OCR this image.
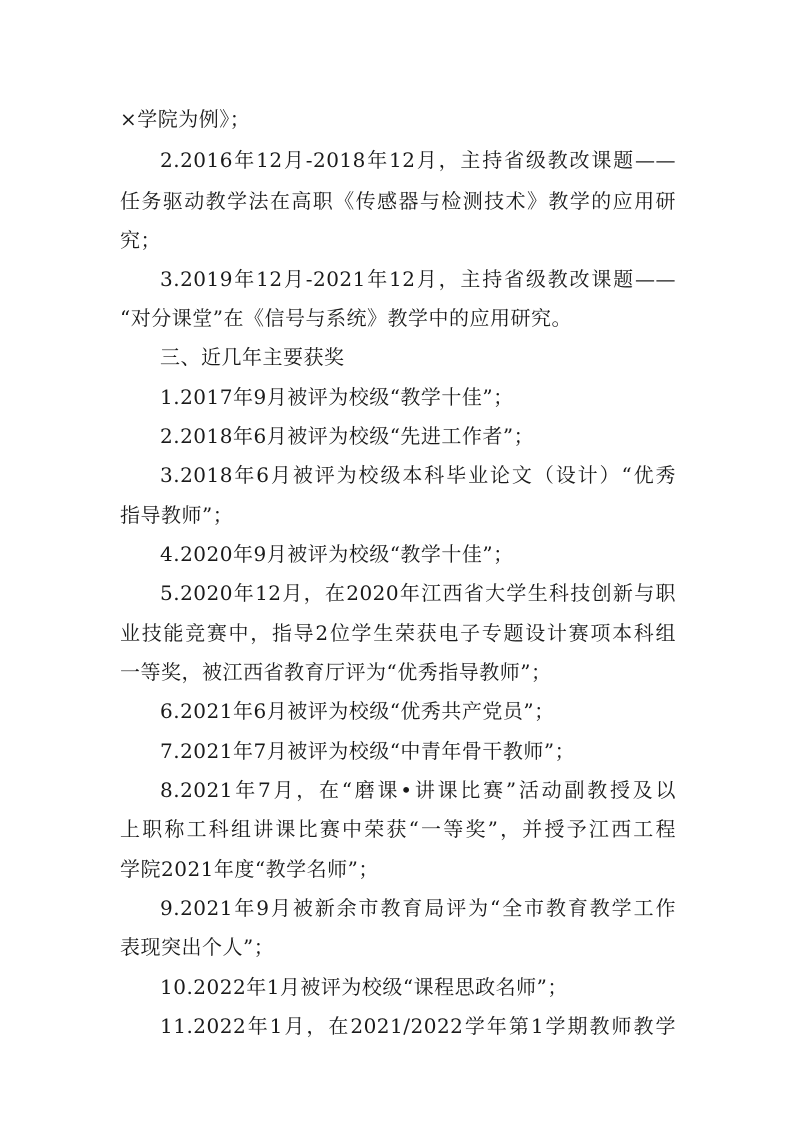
×学院为例》；
2.2016年12月-2018年12月，主持省级教改课题——
任务驱动教学法在高职《传感器与检测技术》教学的应用研
究；
3.2019年12月-2021年12月，主持省级教改课题——
“对分课堂”在《信号与系统》教学中的应用研究。
三、近几年主要获奖
1.2017年9月被评为校级“教学十佳”；
2.2018年6月被评为校级“先进工作者”；
3.2018年6月被评为校级本科毕业论文（设计）“优秀
指导教师”；
4.2020年9月被评为校级“教学十佳”；
5.2020年12月，在2020年江西省大学生科技创新与职
业技能竞赛中，指导2位学生荣获电子专题设计赛项本科组
一等奖，被江西省教育厅评为“优秀指导教师”；
6.2021年6月被评为校级“优秀共产党员”；
7.2021年7月被评为校级“中青年骨干教师”；
8.2021年7月，在“磨课•讲课比赛”活动副教授及以
上职称工科组讲课比赛中荣获“一等奖”，并授予江西工程
学院2021年度“教学名师”；
9.2021年9月被新余市教育局评为“全市教育教学工作
表现突出个人”；
10.2022年1月被评为校级“课程思政名师”；
11.2022年1月，在2021/2022学年第1学期教师教学
